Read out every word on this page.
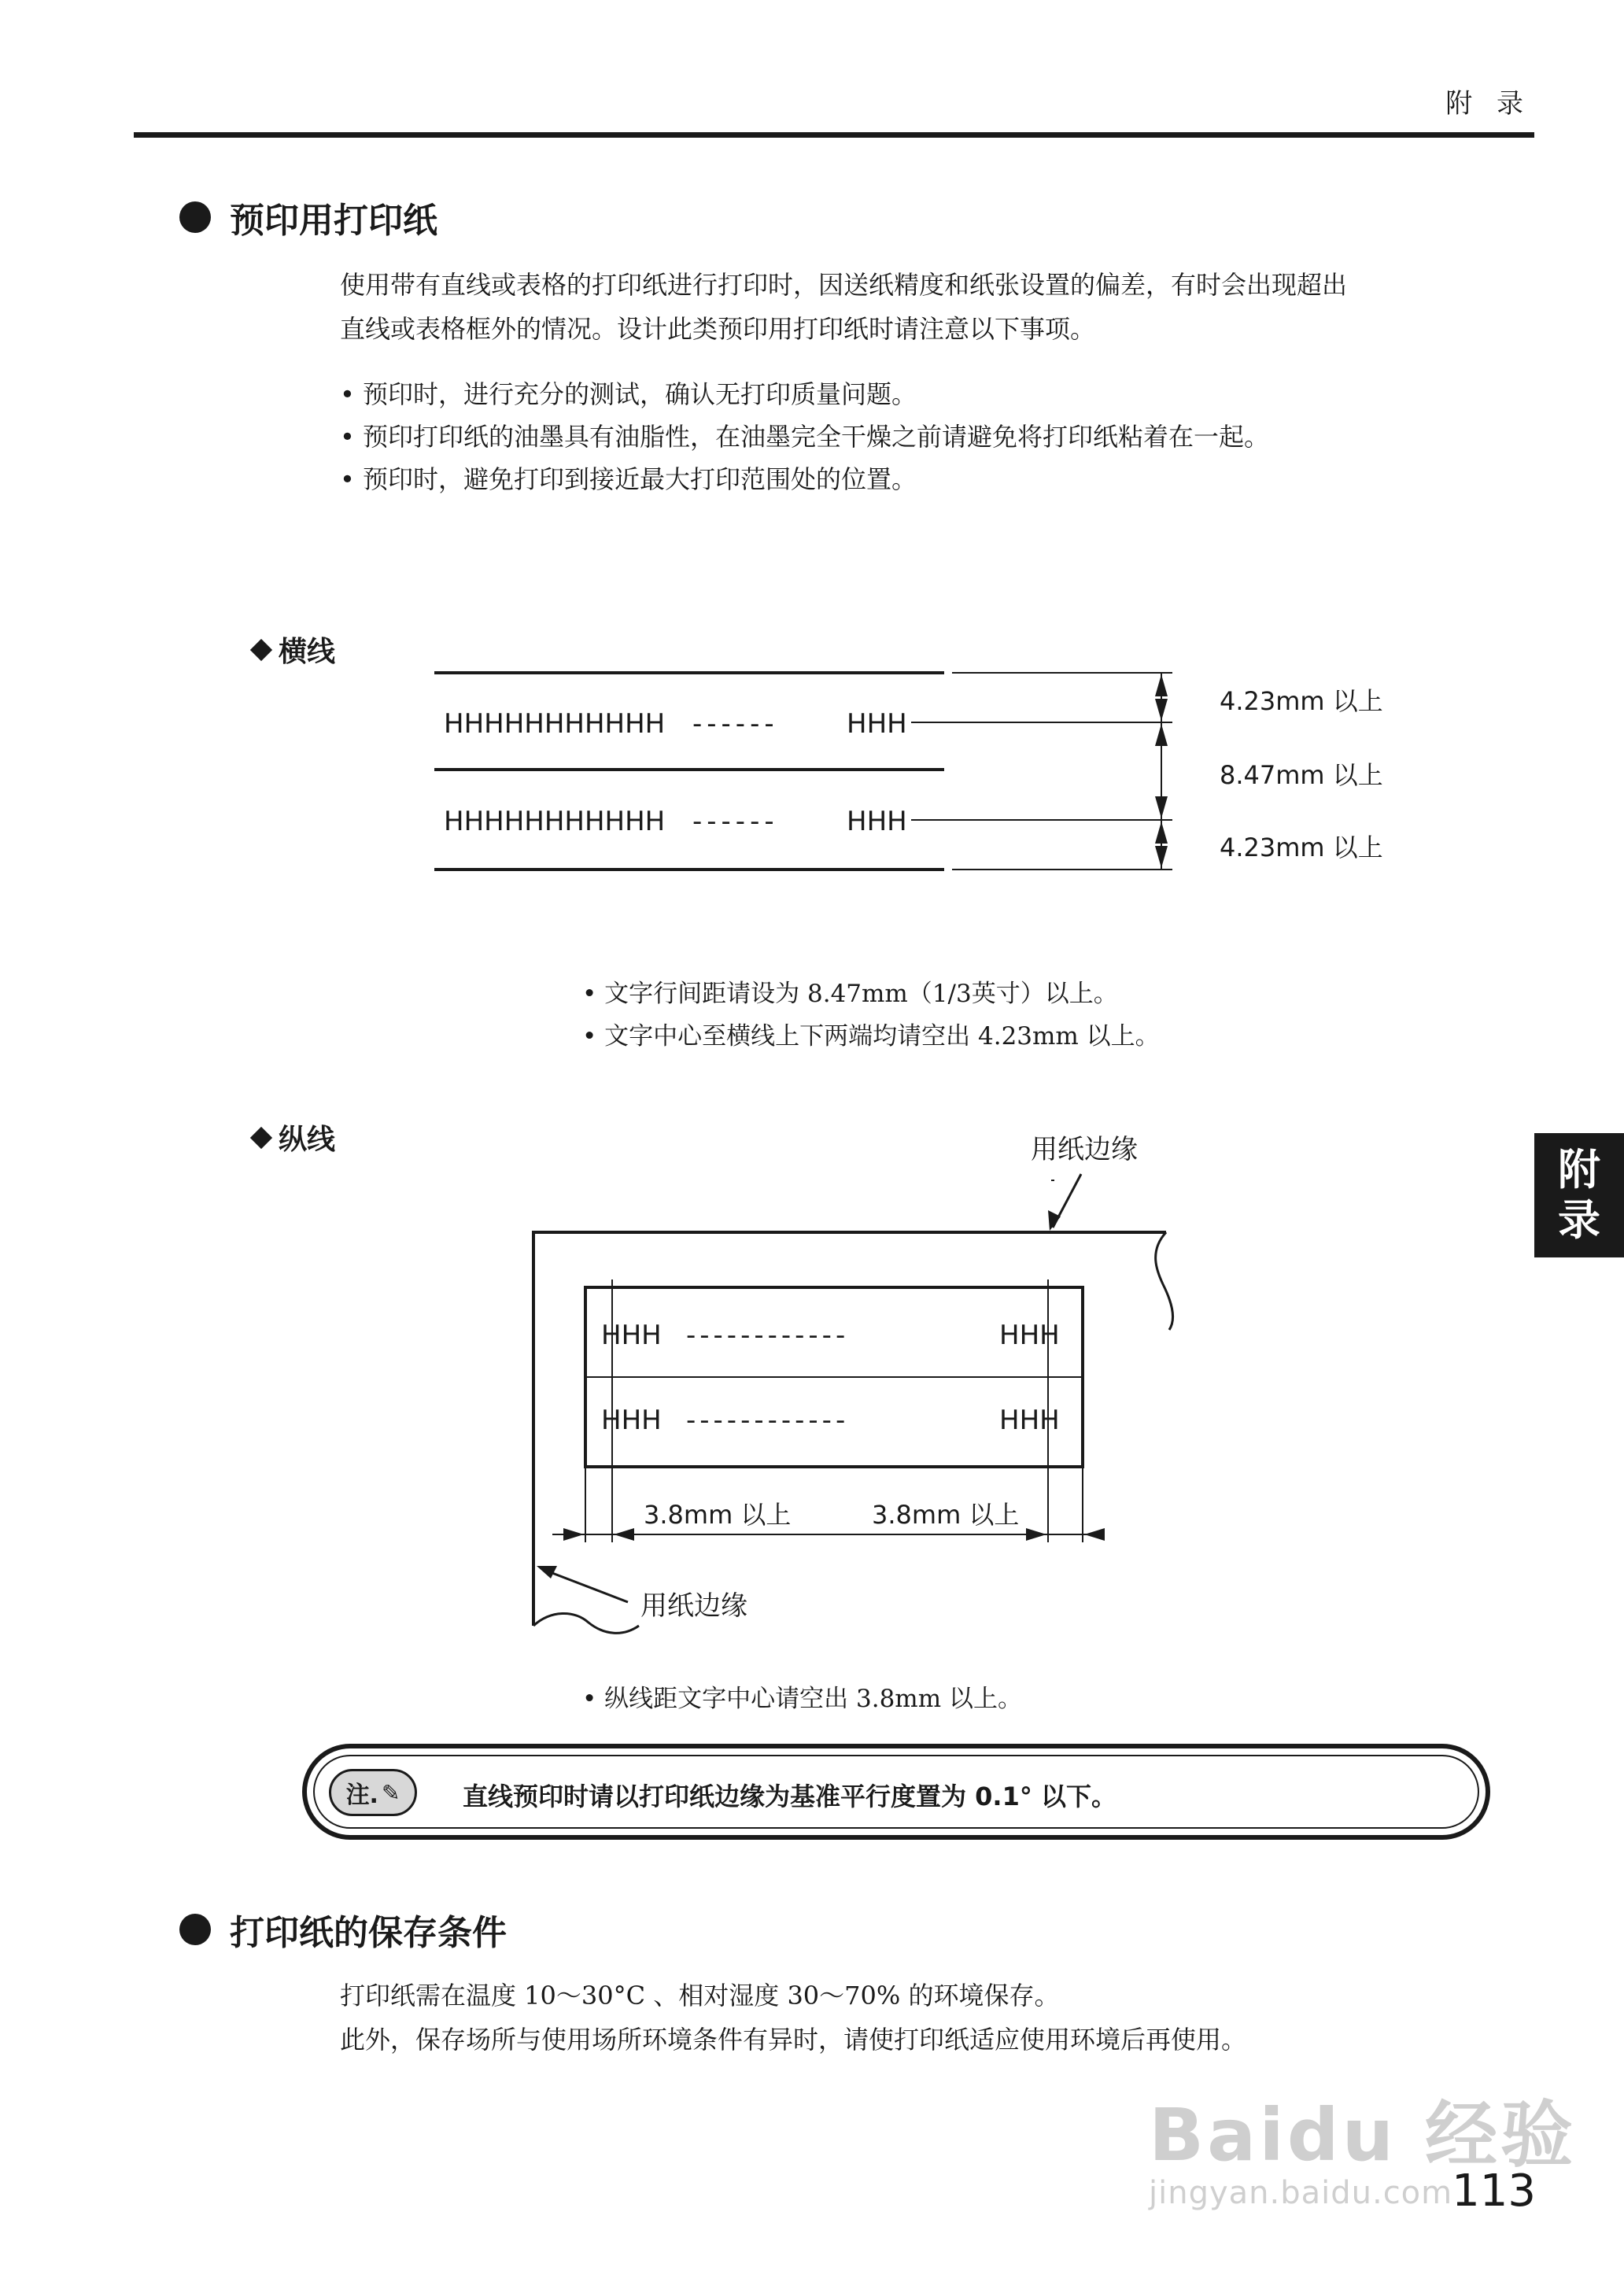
附 录
预印用打印纸
使用带有直线或表格的打印纸进行打印时，因送纸精度和纸张设置的偏差，有时会出现超出
直线或表格框外的情况。设计此类预印用打印纸时请注意以下事项。
• 预印时，进行充分的测试，确认无打印质量问题。
• 预印打印纸的油墨具有油脂性，在油墨完全干燥之前请避免将打印纸粘着在一起。
• 预印时，避免打印到接近最大打印范围处的位置。
横线
HHHHHHHHHHH ------	HHH
HHHHHHHHHHH ------	HHH
4.23mm 以上
8.47mm 以上
4.23mm 以上
• 文字行间距请设为 8.47mm（1/3英寸）以上。
• 文字中心至横线上下两端均请空出 4.23mm 以上。
纵线	用纸边缘
用纸边缘
HHH ------------	HHH
HHH ------------	HHH
3.8mm 以上	3.8mm 以上
• 纵线距文字中心请空出 3.8mm 以上。
注. ✎ 直线预印时请以打印纸边缘为基准平行度置为 0.1° 以下。
打印纸的保存条件
打印纸需在温度 10～30°C 、相对湿度 30～70% 的环境保存。
此外，保存场所与使用场所环境条件有异时，请使打印纸适应使用环境后再使用。
附
录
Baidu 经验
jingyan.baidu.com
113
